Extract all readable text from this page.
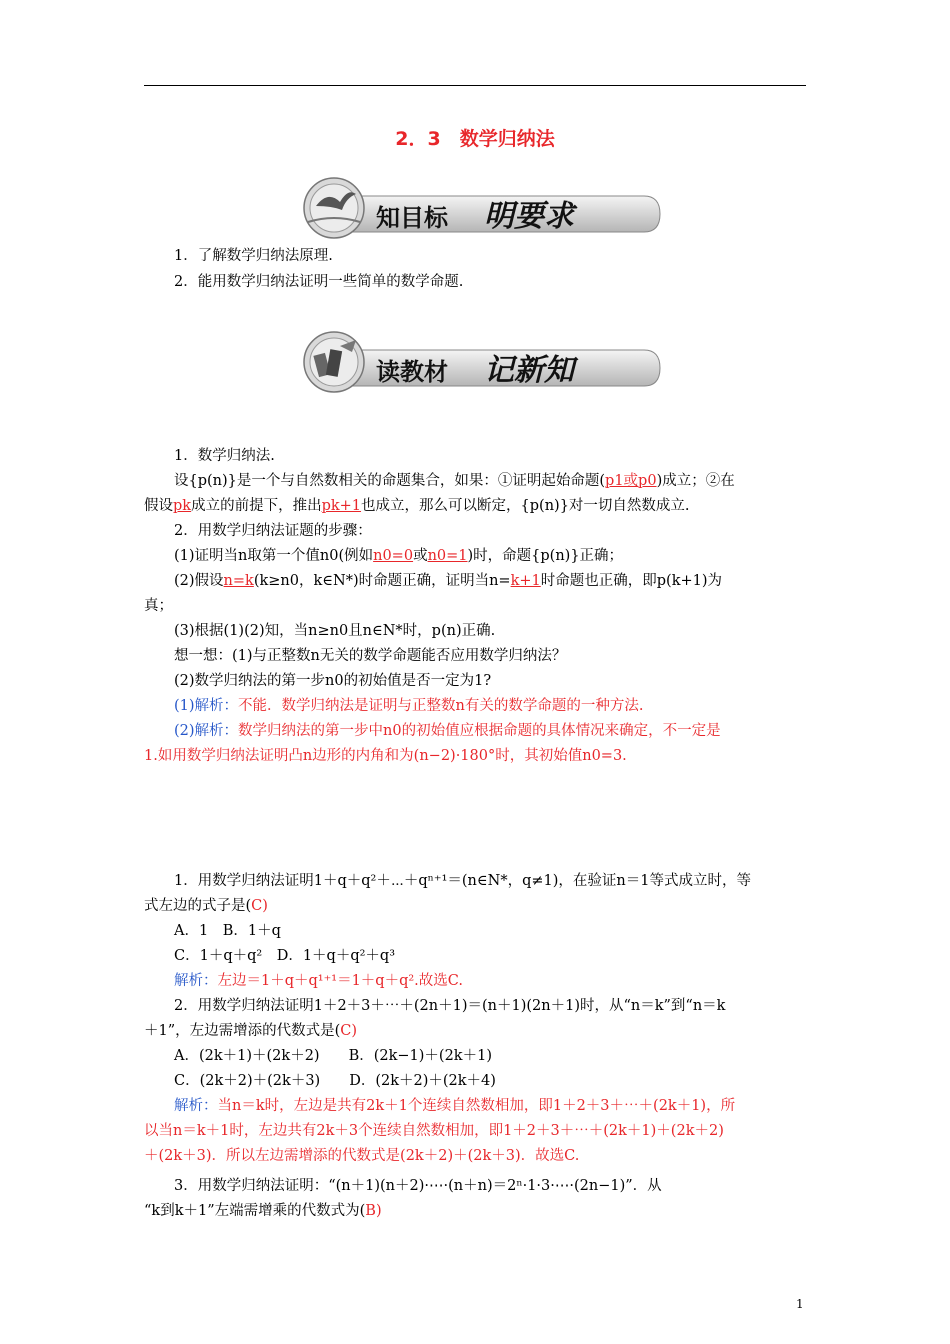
2．3　数学归纳法
知目标 明要求
1．了解数学归纳法原理.
2．能用数学归纳法证明一些简单的数学命题.
读教材 记新知
1．数学归纳法.
设{p(n)}是一个与自然数相关的命题集合，如果：①证明起始命题(p1或p0)成立；②在
假设pk成立的前提下，推出pk+1也成立，那么可以断定，{p(n)}对一切自然数成立.
2．用数学归纳法证题的步骤：
(1)证明当n取第一个值n0(例如n0=0或n0=1)时，命题{p(n)}正确；
(2)假设n=k(k≥n0，k∈N*)时命题正确，证明当n=k+1时命题也正确，即p(k+1)为
真；
(3)根据(1)(2)知，当n≥n0且n∈N*时，p(n)正确.
想一想：(1)与正整数n无关的数学命题能否应用数学归纳法？
(2)数学归纳法的第一步n0的初始值是否一定为1?
(1)解析：不能．数学归纳法是证明与正整数n有关的数学命题的一种方法.
(2)解析：数学归纳法的第一步中n0的初始值应根据命题的具体情况来确定，不一定是
1.如用数学归纳法证明凸n边形的内角和为(n−2)·180°时，其初始值n0=3.
1．用数学归纳法证明1＋q＋q²＋⋯＋qⁿ⁺¹＝(n∈N*，q≠1)，在验证n＝1等式成立时，等
式左边的式子是(C)
A．1　B．1＋q
C．1＋q＋q²　D．1＋q＋q²＋q³
解析：左边＝1＋q＋q¹⁺¹＝1＋q＋q².故选C.
2．用数学归纳法证明1＋2＋3＋⋯＋(2n＋1)＝(n＋1)(2n＋1)时，从“n＝k”到“n＝k
＋1”，左边需增添的代数式是(C)
A．(2k＋1)＋(2k＋2)　　B．(2k−1)＋(2k＋1)
C．(2k＋2)＋(2k＋3)　　D．(2k＋2)＋(2k＋4)
解析：当n＝k时，左边是共有2k＋1个连续自然数相加，即1＋2＋3＋⋯＋(2k＋1)，所
以当n＝k＋1时，左边共有2k＋3个连续自然数相加，即1＋2＋3＋⋯＋(2k＋1)＋(2k＋2)
＋(2k＋3)．所以左边需增添的代数式是(2k＋2)＋(2k＋3)．故选C.
3．用数学归纳法证明：“(n＋1)(n＋2)·⋯·(n＋n)＝2ⁿ·1·3·⋯·(2n−1)”．从
“k到k＋1”左端需增乘的代数式为(B)
1
